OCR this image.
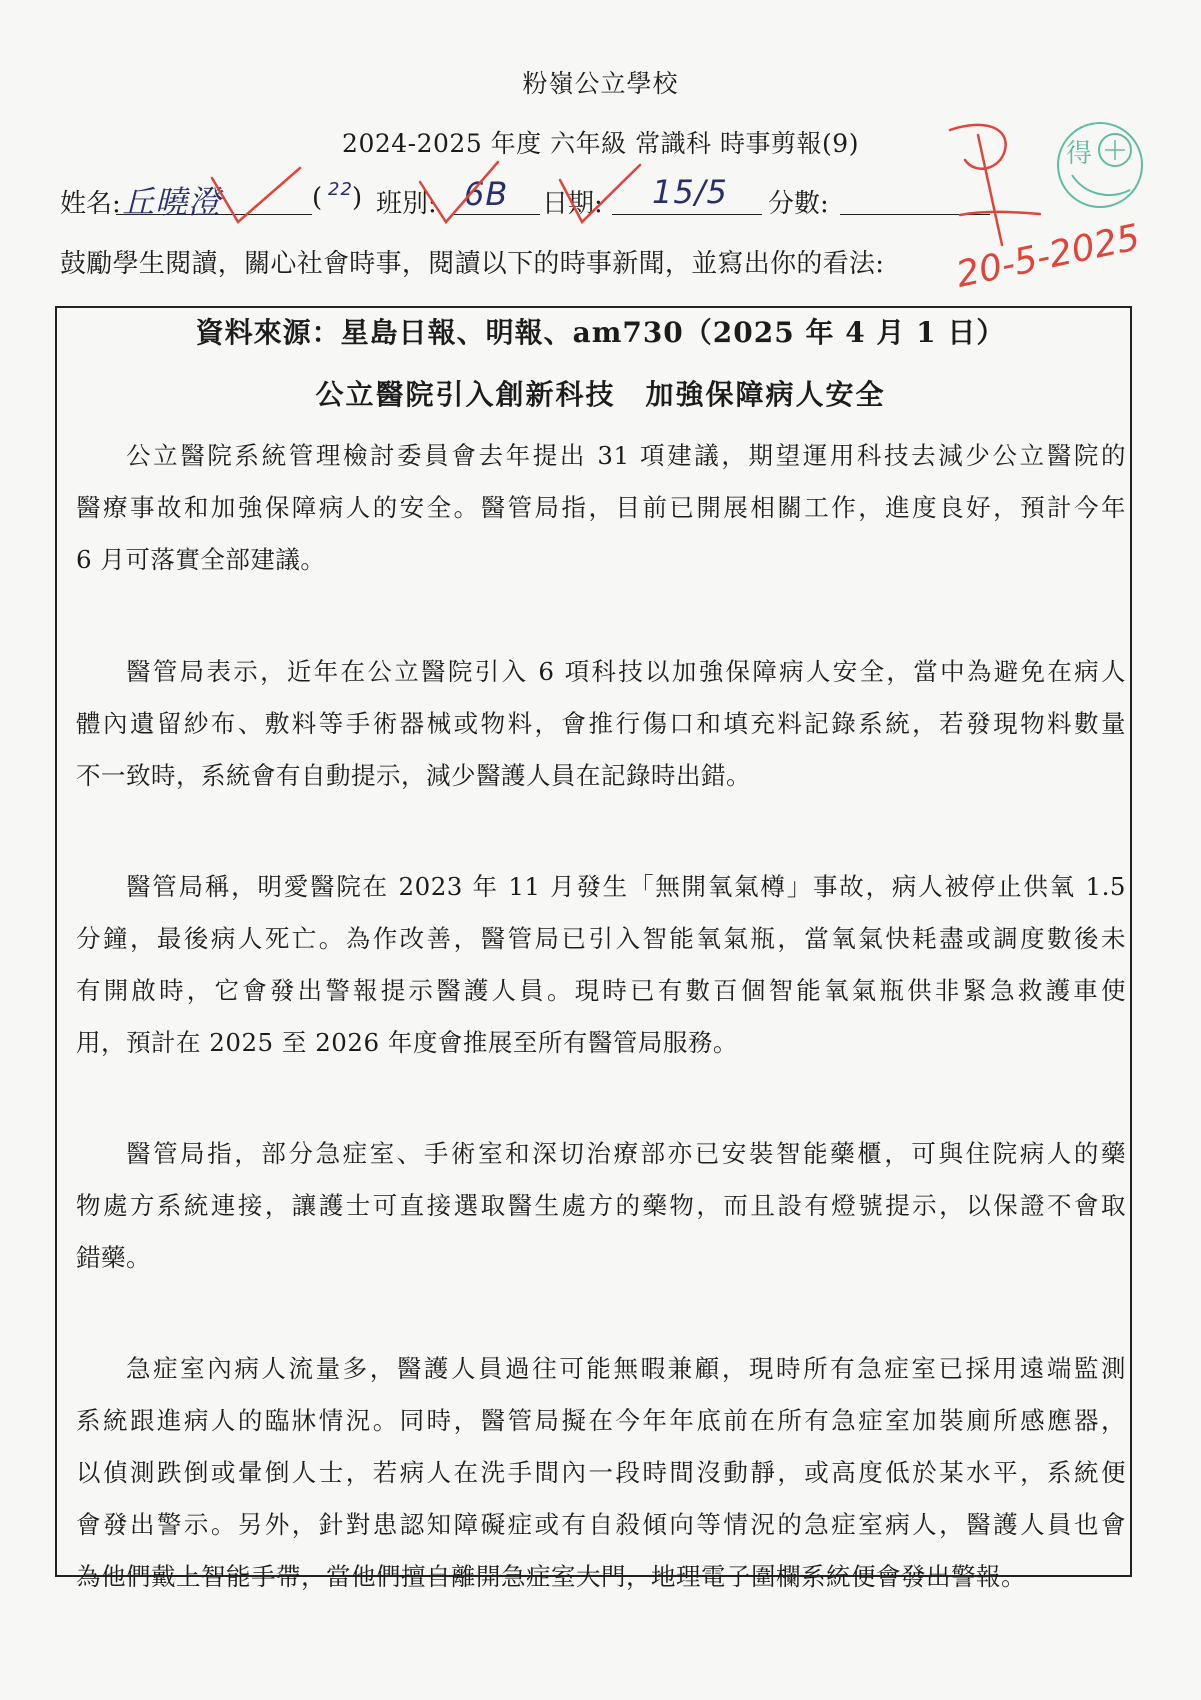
粉嶺公立學校
2024-2025 年度 六年級 常識科 時事剪報(9)
姓名: 丘曉澄	( 22 ) 班別: 6B 日期: 15/5 分數:
鼓勵學生閱讀，關心社會時事，閱讀以下的時事新聞，並寫出你的看法:
資料來源：星島日報、明報、am730（2025 年 4 月 1 日）
公立醫院引入創新科技　加強保障病人安全
公立醫院系統管理檢討委員會去年提出 31 項建議，期望運用科技去減少公立醫院的
醫療事故和加強保障病人的安全。醫管局指，目前已開展相關工作，進度良好，預計今年
6 月可落實全部建議。
醫管局表示，近年在公立醫院引入 6 項科技以加強保障病人安全，當中為避免在病人
體內遺留紗布、敷料等手術器械或物料，會推行傷口和填充料記錄系統，若發現物料數量
不一致時，系統會有自動提示，減少醫護人員在記錄時出錯。
醫管局稱，明愛醫院在 2023 年 11 月發生「無開氧氣樽」事故，病人被停止供氧 1.5
分鐘，最後病人死亡。為作改善，醫管局已引入智能氧氣瓶，當氧氣快耗盡或調度數後未
有開啟時，它會發出警報提示醫護人員。現時已有數百個智能氧氣瓶供非緊急救護車使
用，預計在 2025 至 2026 年度會推展至所有醫管局服務。
醫管局指，部分急症室、手術室和深切治療部亦已安裝智能藥櫃，可與住院病人的藥
物處方系統連接，讓護士可直接選取醫生處方的藥物，而且設有燈號提示，以保證不會取
錯藥。
急症室內病人流量多，醫護人員過往可能無暇兼顧，現時所有急症室已採用遠端監測
系統跟進病人的臨牀情況。同時，醫管局擬在今年年底前在所有急症室加裝廁所感應器，
以偵測跌倒或暈倒人士，若病人在洗手間內一段時間沒動靜，或高度低於某水平，系統便
會發出警示。另外，針對患認知障礙症或有自殺傾向等情況的急症室病人，醫護人員也會
為他們戴上智能手帶，當他們擅自離開急症室大門，地理電子圍欄系統便會發出警報。
20-5-2025
得
